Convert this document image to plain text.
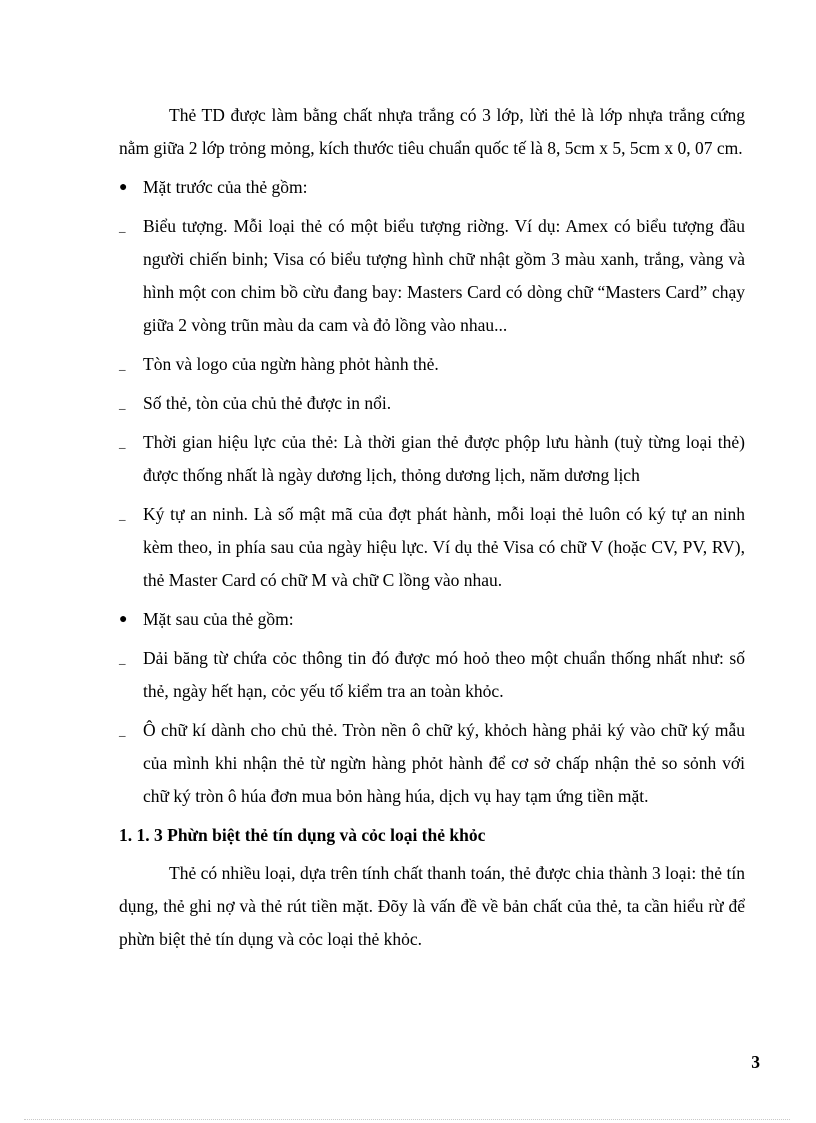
Thẻ TD được làm bằng chất nhựa trắng có 3 lớp, lừi thẻ là lớp nhựa trắng cứng nằm giữa 2 lớp trỏng mỏng, kích thước tiêu chuẩn quốc tế là 8, 5cm x 5, 5cm x 0, 07 cm.

● Mặt trước của thẻ gồm:
_	Biểu tượng. Mỗi loại thẻ có một biểu tượng riờng. Ví dụ: Amex có biểu tượng đầu người chiến binh; Visa có biểu tượng hình chữ nhật gồm 3 màu xanh, trắng, vàng và hình một con chim bồ cừu đang bay: Masters Card có dòng chữ “Masters Card” chạy giữa 2 vòng trũn màu da cam và đỏ lồng vào nhau...
_	Tòn và logo của ngừn hàng phỏt hành thẻ.
_	Số thẻ, tòn của chủ thẻ được in nổi.
_	Thời gian hiệu lực của thẻ: Là thời gian thẻ được phộp lưu hành (tuỳ từng loại thẻ) được thống nhất là ngày dương lịch, thỏng dương lịch, năm dương lịch
_	Ký tự an ninh. Là số mật mã của đợt phát hành, mỗi loại thẻ luôn có ký tự an ninh kèm theo, in phía sau của ngày hiệu lực. Ví dụ thẻ Visa có chữ V (hoặc CV, PV, RV), thẻ Master Card có chữ M và chữ C lồng vào nhau.
● Mặt sau của thẻ gồm:
_	Dải băng từ chứa cỏc thông tin đó được mó hoỏ theo một chuẩn thống nhất như: số thẻ, ngày hết hạn, cỏc yếu tố kiểm tra an toàn khỏc.
_	Ô chữ kí dành cho chủ thẻ. Tròn nền ô chữ ký, khỏch hàng phải ký vào chữ ký mẫu của mình khi nhận thẻ từ ngừn hàng phỏt hành để cơ sở chấp nhận thẻ so sỏnh với chữ ký tròn ô húa đơn mua bỏn hàng húa, dịch vụ hay tạm ứng tiền mặt.

1. 1. 3 Phừn biệt thẻ tín dụng và cỏc loại thẻ khỏc

Thẻ có nhiều loại, dựa trên tính chất thanh toán, thẻ được chia thành 3 loại: thẻ tín dụng, thẻ ghi nợ và thẻ rút tiền mặt. Đõy là vấn đề về bản chất của thẻ, ta cần hiểu rừ để phừn biệt thẻ tín dụng và cỏc loại thẻ khỏc.

3
